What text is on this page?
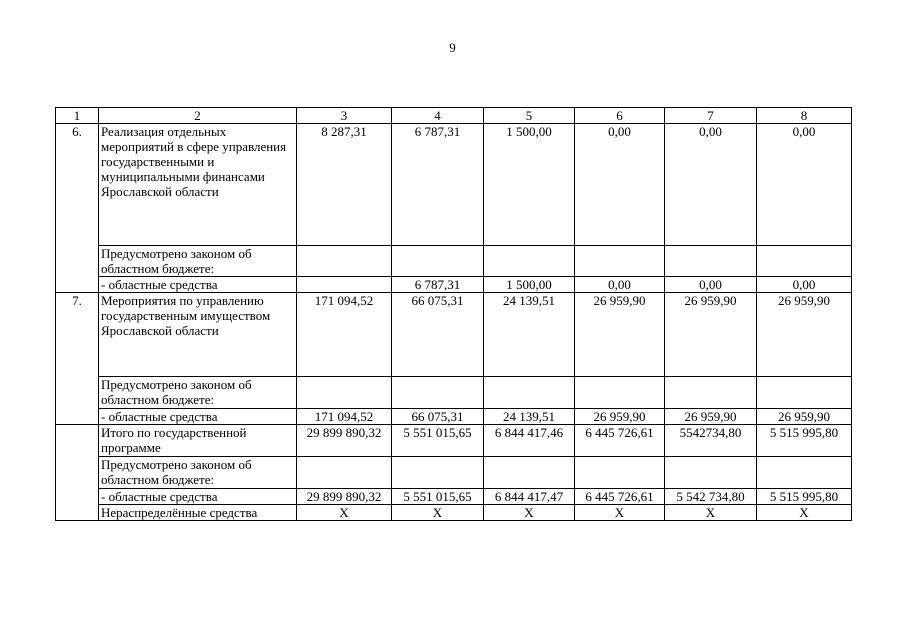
9
1	2	3	4	5	6	7	8
6.	Реализация отдельных мероприятий в сфере управления государственными и муниципальными финансами Ярославской области	8 287,31	6 787,31	1 500,00	0,00	0,00	0,00
	Предусмотрено законом об областном бюджете:						
	- областные средства		6 787,31	1 500,00	0,00	0,00	0,00
7.	Мероприятия по управлению государственным имуществом Ярославской области	171 094,52	66 075,31	24 139,51	26 959,90	26 959,90	26 959,90
	Предусмотрено законом об областном бюджете:						
	- областные средства	171 094,52	66 075,31	24 139,51	26 959,90	26 959,90	26 959,90
	Итого по государственной программе	29 899 890,32	5 551 015,65	6 844 417,46	6 445 726,61	5542734,80	5 515 995,80
	Предусмотрено законом об областном бюджете:						
	- областные средства	29 899 890,32	5 551 015,65	6 844 417,47	6 445 726,61	5 542 734,80	5 515 995,80
	Нераспределённые средства	Х	Х	Х	Х	Х	Х
